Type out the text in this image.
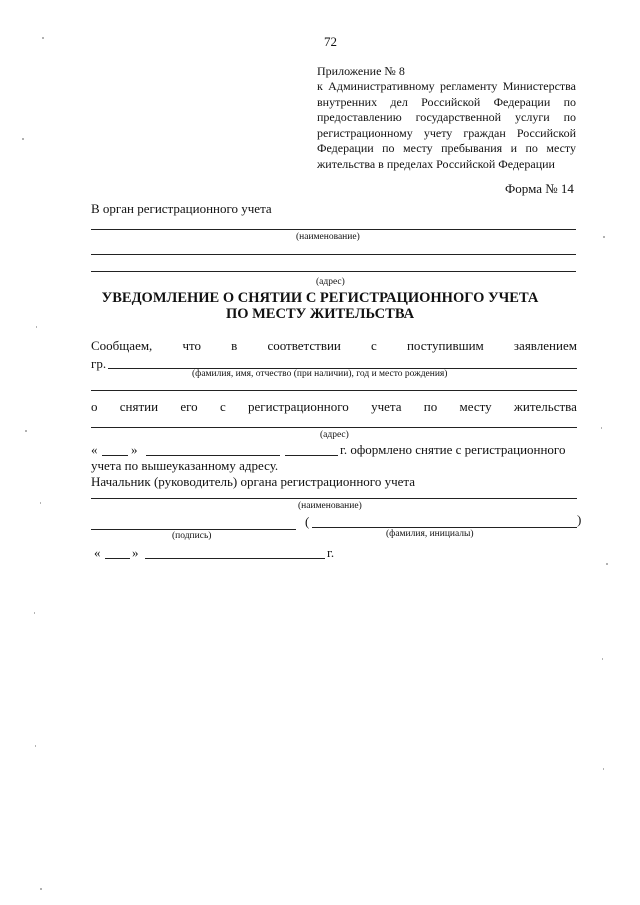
72
Приложение № 8
к Административному регламенту Министерства
внутренних дел Российской Федерации по
предоставлению государственной услуги по
регистрационному учету граждан Российской
Федерации по месту пребывания и по месту
жительства в пределах Российской Федерации
Форма № 14
В орган регистрационного учета
(наименование)
(адрес)
УВЕДОМЛЕНИЕ О СНЯТИИ С РЕГИСТРАЦИОННОГО УЧЕТА
ПО МЕСТУ ЖИТЕЛЬСТВА
Сообщаем, что в соответствии с поступившим заявлением
гр.
(фамилия, имя, отчество (при наличии), год и место рождения)
о снятии его с регистрационного учета по месту жительства
(адрес)
«	»	г. оформлено снятие с регистрационного
учета по вышеуказанному адресу.
Начальник (руководитель) органа регистрационного учета
(наименование)
(	)
(подпись)	(фамилия, инициалы)
« »	г.
